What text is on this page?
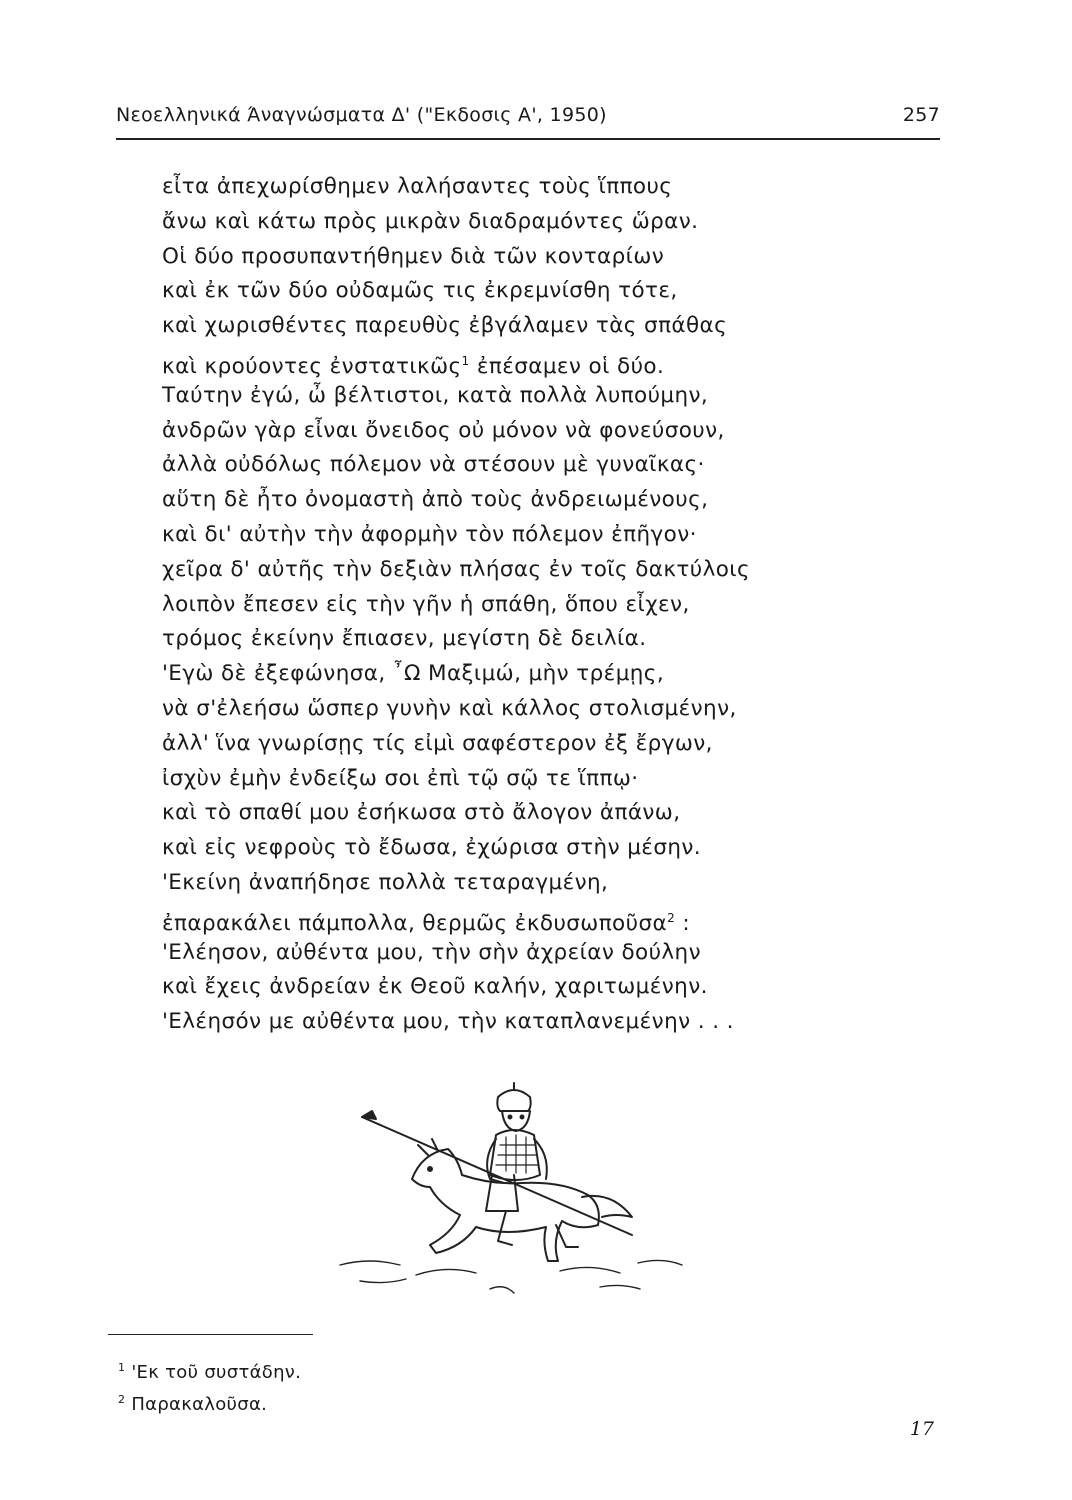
Νεοελληνικά Άναγνώσματα Δ' ("Εκδοσις Α', 1950)	257
εἶτα ἀπεχωρίσθημεν λαλήσαντες τοὺς ἵππους
ἄνω καὶ κάτω πρὸς μικρὰν διαδραμόντες ὥραν.
Οἱ δύο προσυπαντήθημεν διὰ τῶν κονταρίων
καὶ ἐκ τῶν δύο οὐδαμῶς τις ἐκρεμνίσθη τότε,
καὶ χωρισθέντες παρευθὺς ἐβγάλαμεν τὰς σπάθας
καὶ κρούοντες ἐνστατικῶς$^1$ ἐπέσαμεν οἱ δύο.
Ταύτην ἐγώ, ὦ βέλτιστοι, κατὰ πολλὰ λυπούμην,
ἀνδρῶν γὰρ εἶναι ὄνειδος οὐ μόνον νὰ φονεύσουν,
ἀλλὰ οὐδόλως πόλεμον νὰ στέσουν μὲ γυναῖκας·
αὕτη δὲ ἦτο ὀνομαστὴ ἀπὸ τοὺς ἀνδρειωμένους,
καὶ δι' αὐτὴν τὴν ἀφορμὴν τὸν πόλεμον ἐπῆγον·
χεῖρα δ' αὐτῆς τὴν δεξιὰν πλήσας ἐν τοῖς δακτύλοις
λοιπὸν ἔπεσεν εἰς τὴν γῆν ἡ σπάθη, ὅπου εἶχεν,
τρόμος ἐκείνην ἔπιασεν, μεγίστη δὲ δειλία.
'Εγὼ δὲ ἐξεφώνησα, ῏Ω Μαξιμώ, μὴν τρέμῃς,
νὰ σ'ἐλεήσω ὥσπερ γυνὴν καὶ κάλλος στολισμένην,
ἀλλ' ἵνα γνωρίσῃς τίς εἰμὶ σαφέστερον ἐξ ἔργων,
ἰσχὺν ἐμὴν ἐνδείξω σοι ἐπὶ τῷ σῷ τε ἵππῳ·
καὶ τὸ σπαθί μου ἐσήκωσα στὸ ἄλογον ἀπάνω,
καὶ εἰς νεφροὺς τὸ ἔδωσα, ἐχώρισα στὴν μέσην.
'Εκείνη ἀναπήδησε πολλὰ τεταραγμένη,
ἐπαρακάλει πάμπολλα, θερμῶς ἐκδυσωποῦσα$^2$ :
'Ελέησον, αὐθέντα μου, τὴν σὴν ἀχρείαν δούλην
καὶ ἔχεις ἀνδρείαν ἐκ Θεοῦ καλήν, χαριτωμένην.
'Ελέησόν με αὐθέντα μου, τὴν καταπλανεμένην . . .
$^1$ 'Εκ τοῦ συστάδην.
$^2$ Παρακαλοῦσα.
17
